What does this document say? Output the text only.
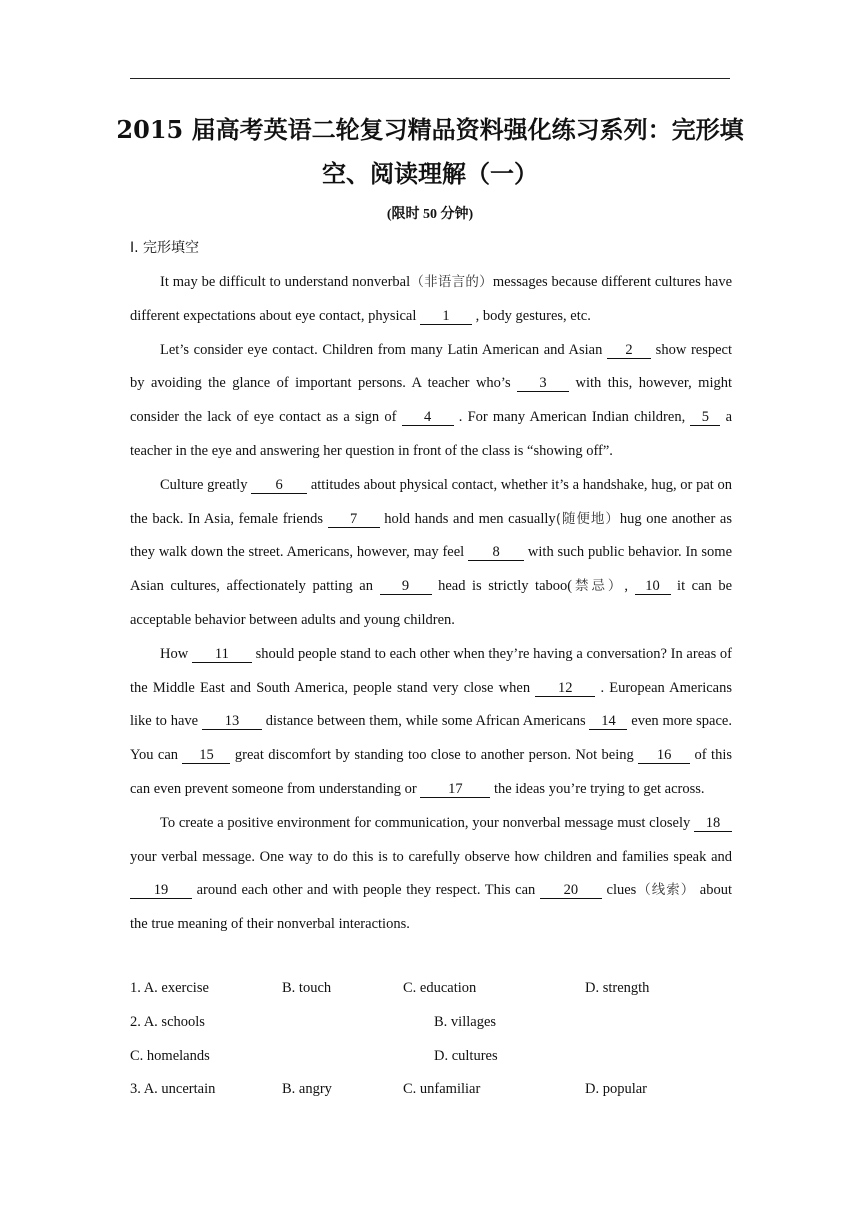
2015 届高考英语二轮复习精品资料强化练习系列：完形填
空、阅读理解（一）
(限时 50 分钟)
Ⅰ. 完形填空

It may be difficult to understand nonverbal（非语言的）messages because different cultures have different expectations about eye contact, physical 1 , body gestures, etc.

Let’s consider eye contact. Children from many Latin American and Asian 2 show respect by avoiding the glance of important persons. A teacher who’s 3 with this, however, might consider the lack of eye contact as a sign of 4 . For many American Indian children, 5 a teacher in the eye and answering her question in front of the class is “showing off”.

Culture greatly 6 attitudes about physical contact, whether it’s a handshake, hug, or pat on the back. In Asia, female friends 7 hold hands and men casually(随便地）hug one another as they walk down the street. Americans, however, may feel 8 with such public behavior. In some Asian cultures, affectionately patting an 9 head is strictly taboo(禁忌）, 10 it can be acceptable behavior between adults and young children.

How 11 should people stand to each other when they’re having a conversation? In areas of the Middle East and South America, people stand very close when 12 . European Americans like to have 13 distance between them, while some African Americans 14 even more space. You can 15 great discomfort by standing too close to another person. Not being 16 of this can even prevent someone from understanding or 17 the ideas you’re trying to get across.

To create a positive environment for communication, your nonverbal message must closely 18 your verbal message. One way to do this is to carefully observe how children and families speak and 19 around each other and with people they respect. This can 20 clues（线索） about the true meaning of their nonverbal interactions.

1. A. exercise	B. touch	C. education	D. strength
2. A. schools	B. villages
C. homelands	D. cultures
3. A. uncertain	B. angry	C. unfamiliar	D. popular
